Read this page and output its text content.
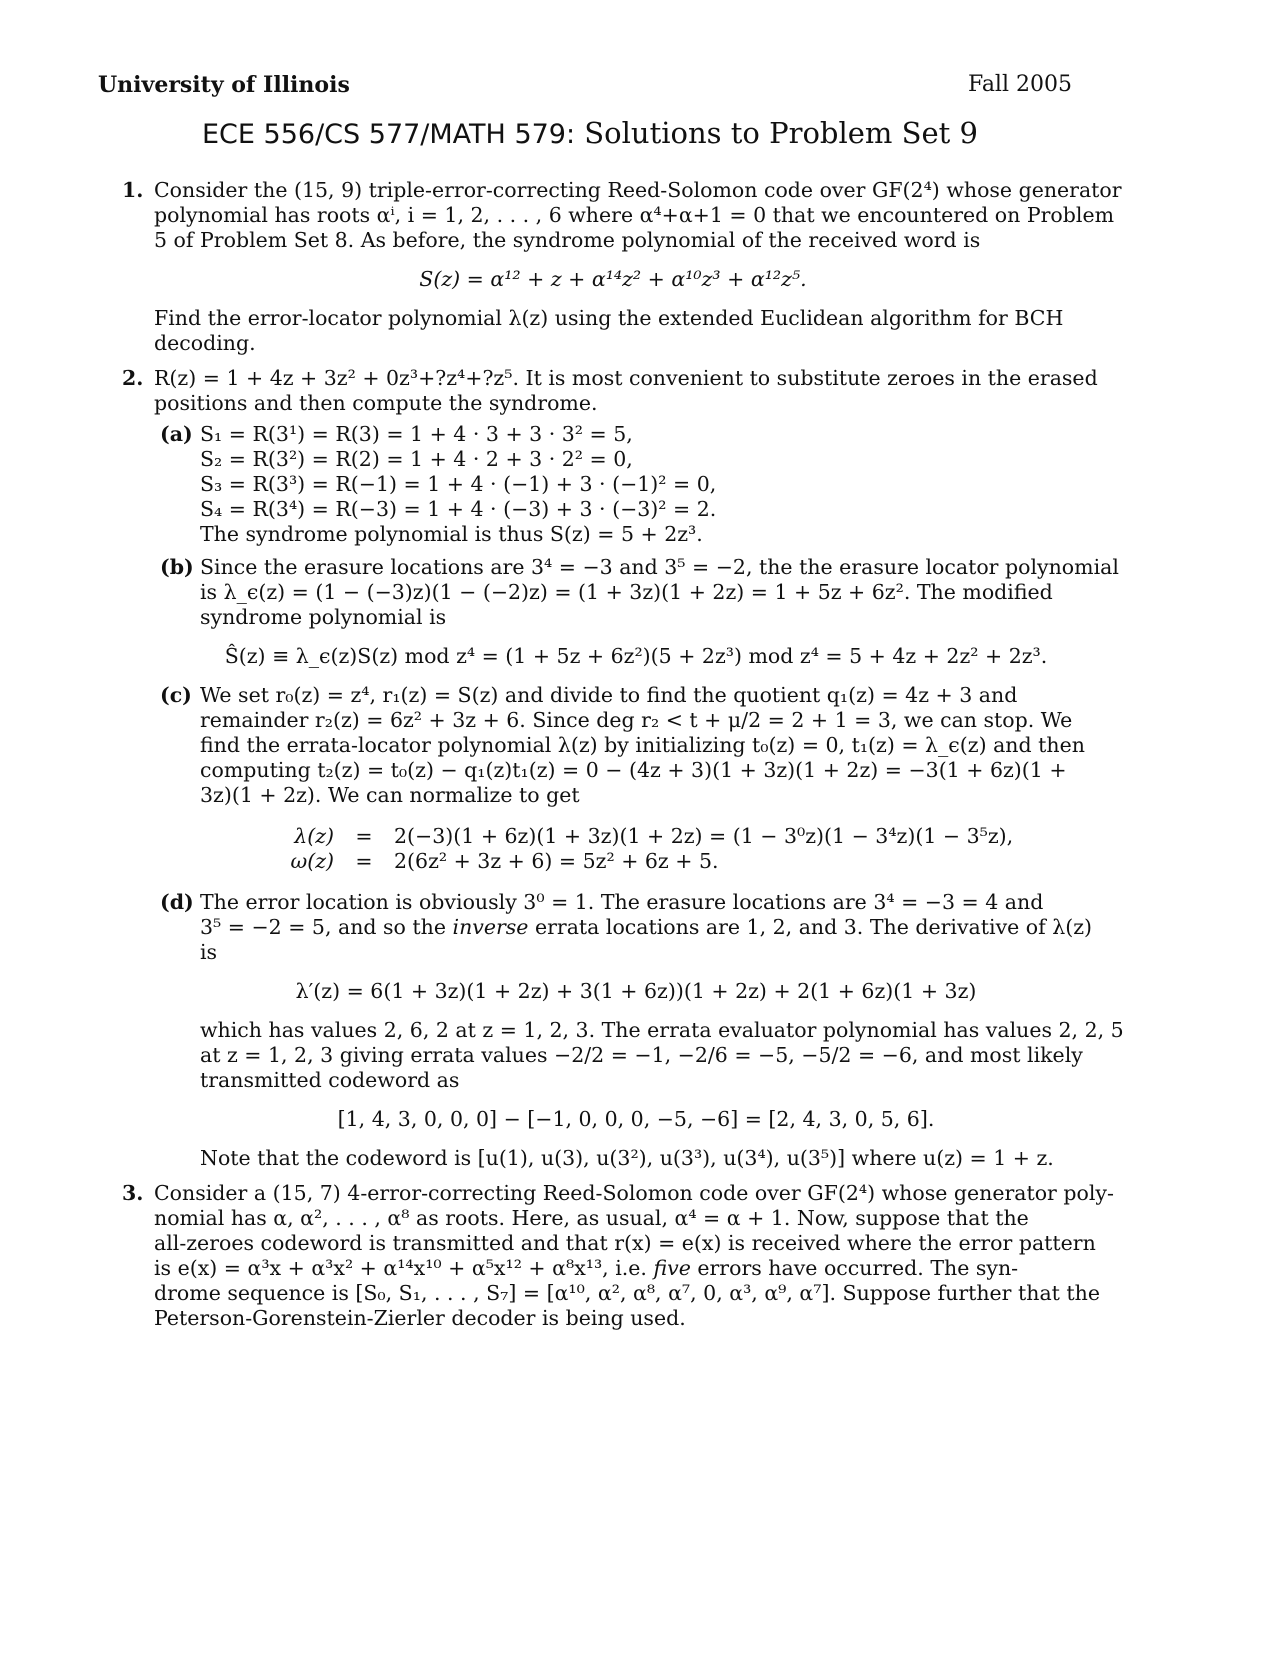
University of Illinois	Fall 2005
ECE 556/CS 577/MATH 579: Solutions to Problem Set 9
1. Consider the (15, 9) triple-error-correcting Reed-Solomon code over GF(2⁴) whose generator

polynomial has roots αⁱ, i = 1, 2, . . . , 6 where α⁴+α+1 = 0 that we encountered on Problem

5 of Problem Set 8. As before, the syndrome polynomial of the received word is

S(z) = α¹² + z + α¹⁴z² + α¹⁰z³ + α¹²z⁵.

Find the error-locator polynomial λ(z) using the extended Euclidean algorithm for BCH

decoding.

2. R(z) = 1 + 4z + 3z² + 0z³+?z⁴+?z⁵. It is most convenient to substitute zeroes in the erased

positions and then compute the syndrome.

(a) S₁ = R(3¹) = R(3) = 1 + 4 · 3 + 3 · 3² = 5,

S₂ = R(3²) = R(2) = 1 + 4 · 2 + 3 · 2² = 0,

S₃ = R(3³) = R(−1) = 1 + 4 · (−1) + 3 · (−1)² = 0,

S₄ = R(3⁴) = R(−3) = 1 + 4 · (−3) + 3 · (−3)² = 2.

The syndrome polynomial is thus S(z) = 5 + 2z³.

(b) Since the erasure locations are 3⁴ = −3 and 3⁵ = −2, the the erasure locator polynomial

is λ_ϵ(z) = (1 − (−3)z)(1 − (−2)z) = (1 + 3z)(1 + 2z) = 1 + 5z + 6z². The modified

syndrome polynomial is

Ŝ(z) ≡ λ_ϵ(z)S(z) mod z⁴ = (1 + 5z + 6z²)(5 + 2z³) mod z⁴ = 5 + 4z + 2z² + 2z³.

(c) We set r₀(z) = z⁴, r₁(z) = S(z) and divide to find the quotient q₁(z) = 4z + 3 and

remainder r₂(z) = 6z² + 3z + 6. Since deg r₂ < t + μ/2 = 2 + 1 = 3, we can stop. We

find the errata-locator polynomial λ(z) by initializing t₀(z) = 0, t₁(z) = λ_ϵ(z) and then

computing t₂(z) = t₀(z) − q₁(z)t₁(z) = 0 − (4z + 3)(1 + 3z)(1 + 2z) = −3(1 + 6z)(1 +

3z)(1 + 2z). We can normalize to get

λ(z)	=	2(−3)(1 + 6z)(1 + 3z)(1 + 2z) = (1 − 3⁰z)(1 − 3⁴z)(1 − 3⁵z),
ω(z)	=	2(6z² + 3z + 6) = 5z² + 6z + 5.
(d) The error location is obviously 3⁰ = 1. The erasure locations are 3⁴ = −3 = 4 and

3⁵ = −2 = 5, and so the inverse errata locations are 1, 2, and 3. The derivative of λ(z)

is

λ′(z) = 6(1 + 3z)(1 + 2z) + 3(1 + 6z))(1 + 2z) + 2(1 + 6z)(1 + 3z)

which has values 2, 6, 2 at z = 1, 2, 3. The errata evaluator polynomial has values 2, 2, 5

at z = 1, 2, 3 giving errata values −2/2 = −1, −2/6 = −5, −5/2 = −6, and most likely

transmitted codeword as

[1, 4, 3, 0, 0, 0] − [−1, 0, 0, 0, −5, −6] = [2, 4, 3, 0, 5, 6].

Note that the codeword is [u(1), u(3), u(3²), u(3³), u(3⁴), u(3⁵)] where u(z) = 1 + z.

3. Consider a (15, 7) 4-error-correcting Reed-Solomon code over GF(2⁴) whose generator poly-

nomial has α, α², . . . , α⁸ as roots. Here, as usual, α⁴ = α + 1. Now, suppose that the

all-zeroes codeword is transmitted and that r(x) = e(x) is received where the error pattern

is e(x) = α³x + α³x² + α¹⁴x¹⁰ + α⁵x¹² + α⁸x¹³, i.e. five errors have occurred. The syn-

drome sequence is [S₀, S₁, . . . , S₇] = [α¹⁰, α², α⁸, α⁷, 0, α³, α⁹, α⁷]. Suppose further that the

Peterson-Gorenstein-Zierler decoder is being used.
